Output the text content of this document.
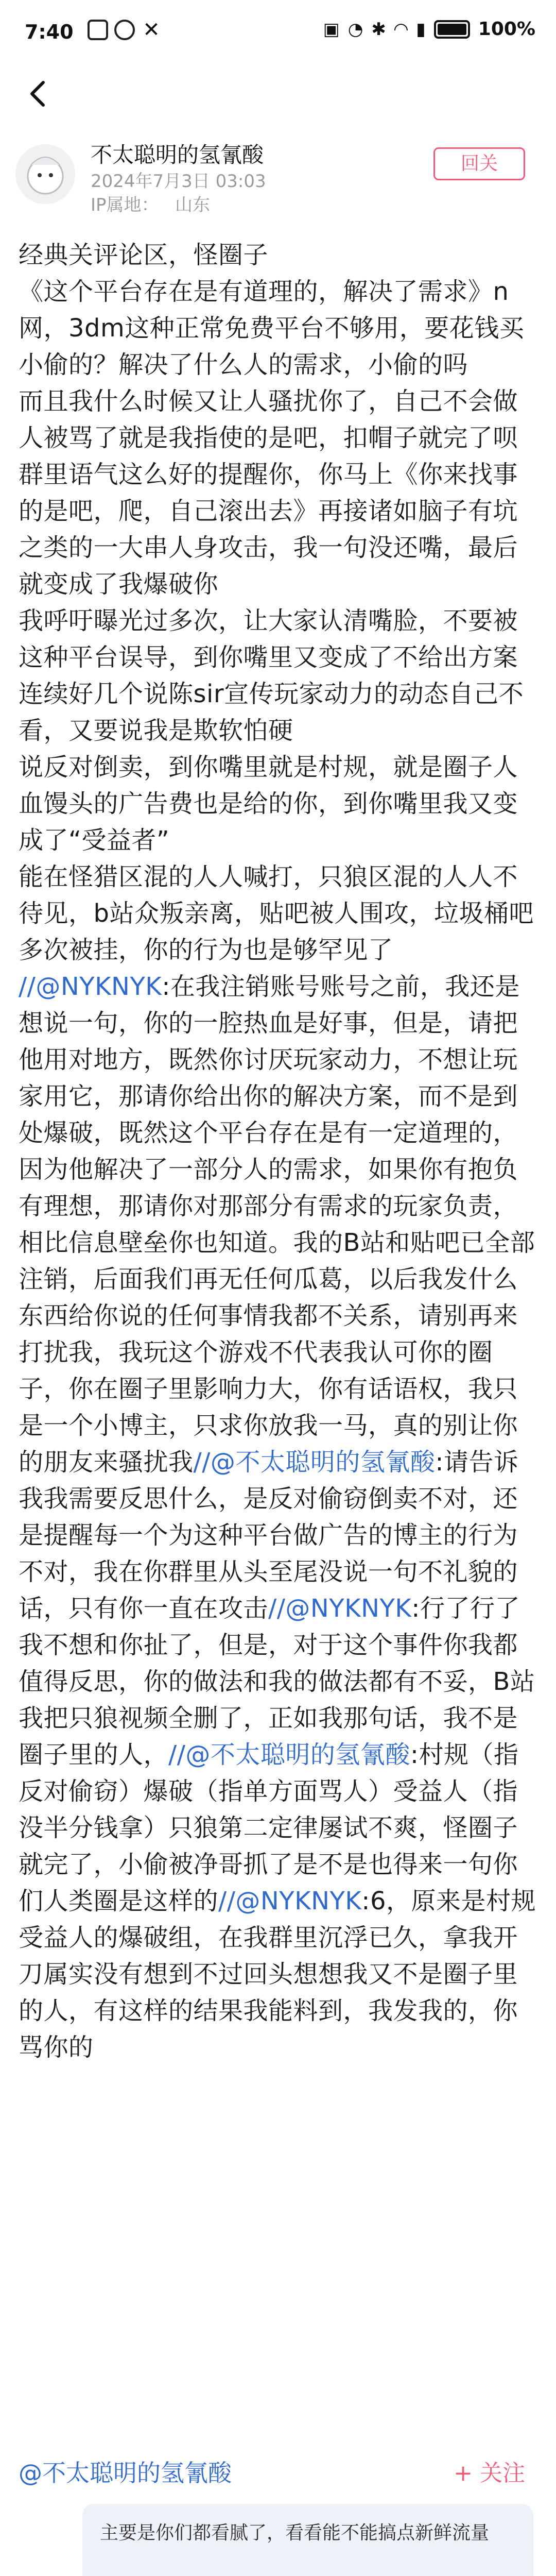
7:40	✕	▣ ◔ ✱ ◠ ▮	100%
不太聪明的氢氰酸
2024年7月3日 03:03
IP属地： 山东
回关

经典关评论区，怪圈子

《这个平台存在是有道理的，解决了需求》n网，3dm这种正常免费平台不够用，要花钱买小偷的？解决了什么人的需求，小偷的吗

而且我什么时候又让人骚扰你了，自己不会做人被骂了就是我指使的是吧，扣帽子就完了呗

群里语气这么好的提醒你，你马上《你来找事的是吧，爬，自己滚出去》再接诸如脑子有坑之类的一大串人身攻击，我一句没还嘴，最后就变成了我爆破你

我呼吁曝光过多次，让大家认清嘴脸，不要被这种平台误导，到你嘴里又变成了不给出方案

连续好几个说陈sir宣传玩家动力的动态自己不看，又要说我是欺软怕硬

说反对倒卖，到你嘴里就是村规，就是圈子人血馒头的广告费也是给的你，到你嘴里我又变成了“受益者”

能在怪猎区混的人人喊打，只狼区混的人人不待见，b站众叛亲离，贴吧被人围攻，垃圾桶吧多次被挂，你的行为也是够罕见了

//@NYKNYK:在我注销账号账号之前，我还是想说一句，你的一腔热血是好事，但是，请把他用对地方，既然你讨厌玩家动力，不想让玩家用它，那请你给出你的解决方案，而不是到处爆破，既然这个平台存在是有一定道理的，因为他解决了一部分人的需求，如果你有抱负有理想，那请你对那部分有需求的玩家负责，相比信息壁垒你也知道。我的B站和贴吧已全部注销，后面我们再无任何瓜葛，以后我发什么东西给你说的任何事情我都不关系，请别再来打扰我，我玩这个游戏不代表我认可你的圈子，你在圈子里影响力大，你有话语权，我只是一个小博主，只求你放我一马，真的别让你的朋友来骚扰我//@不太聪明的氢氰酸:请告诉我我需要反思什么，是反对偷窃倒卖不对，还是提醒每一个为这种平台做广告的博主的行为不对，我在你群里从头至尾没说一句不礼貌的话，只有你一直在攻击//@NYKNYK:行了行了我不想和你扯了，但是，对于这个事件你我都值得反思，你的做法和我的做法都有不妥，B站我把只狼视频全删了，正如我那句话，我不是圈子里的人，//@不太聪明的氢氰酸:村规（指反对偷窃）爆破（指单方面骂人）受益人（指没半分钱拿）只狼第二定律屡试不爽，怪圈子就完了，小偷被净哥抓了是不是也得来一句你们人类圈是这样的//@NYKNYK:6，原来是村规受益人的爆破组，在我群里沉浮已久，拿我开刀属实没有想到不过回头想想我又不是圈子里的人，有这样的结果我能料到，我发我的，你骂你的

@不太聪明的氢氰酸	+ 关注
主要是你们都看腻了，看看能不能搞点新鲜流量
